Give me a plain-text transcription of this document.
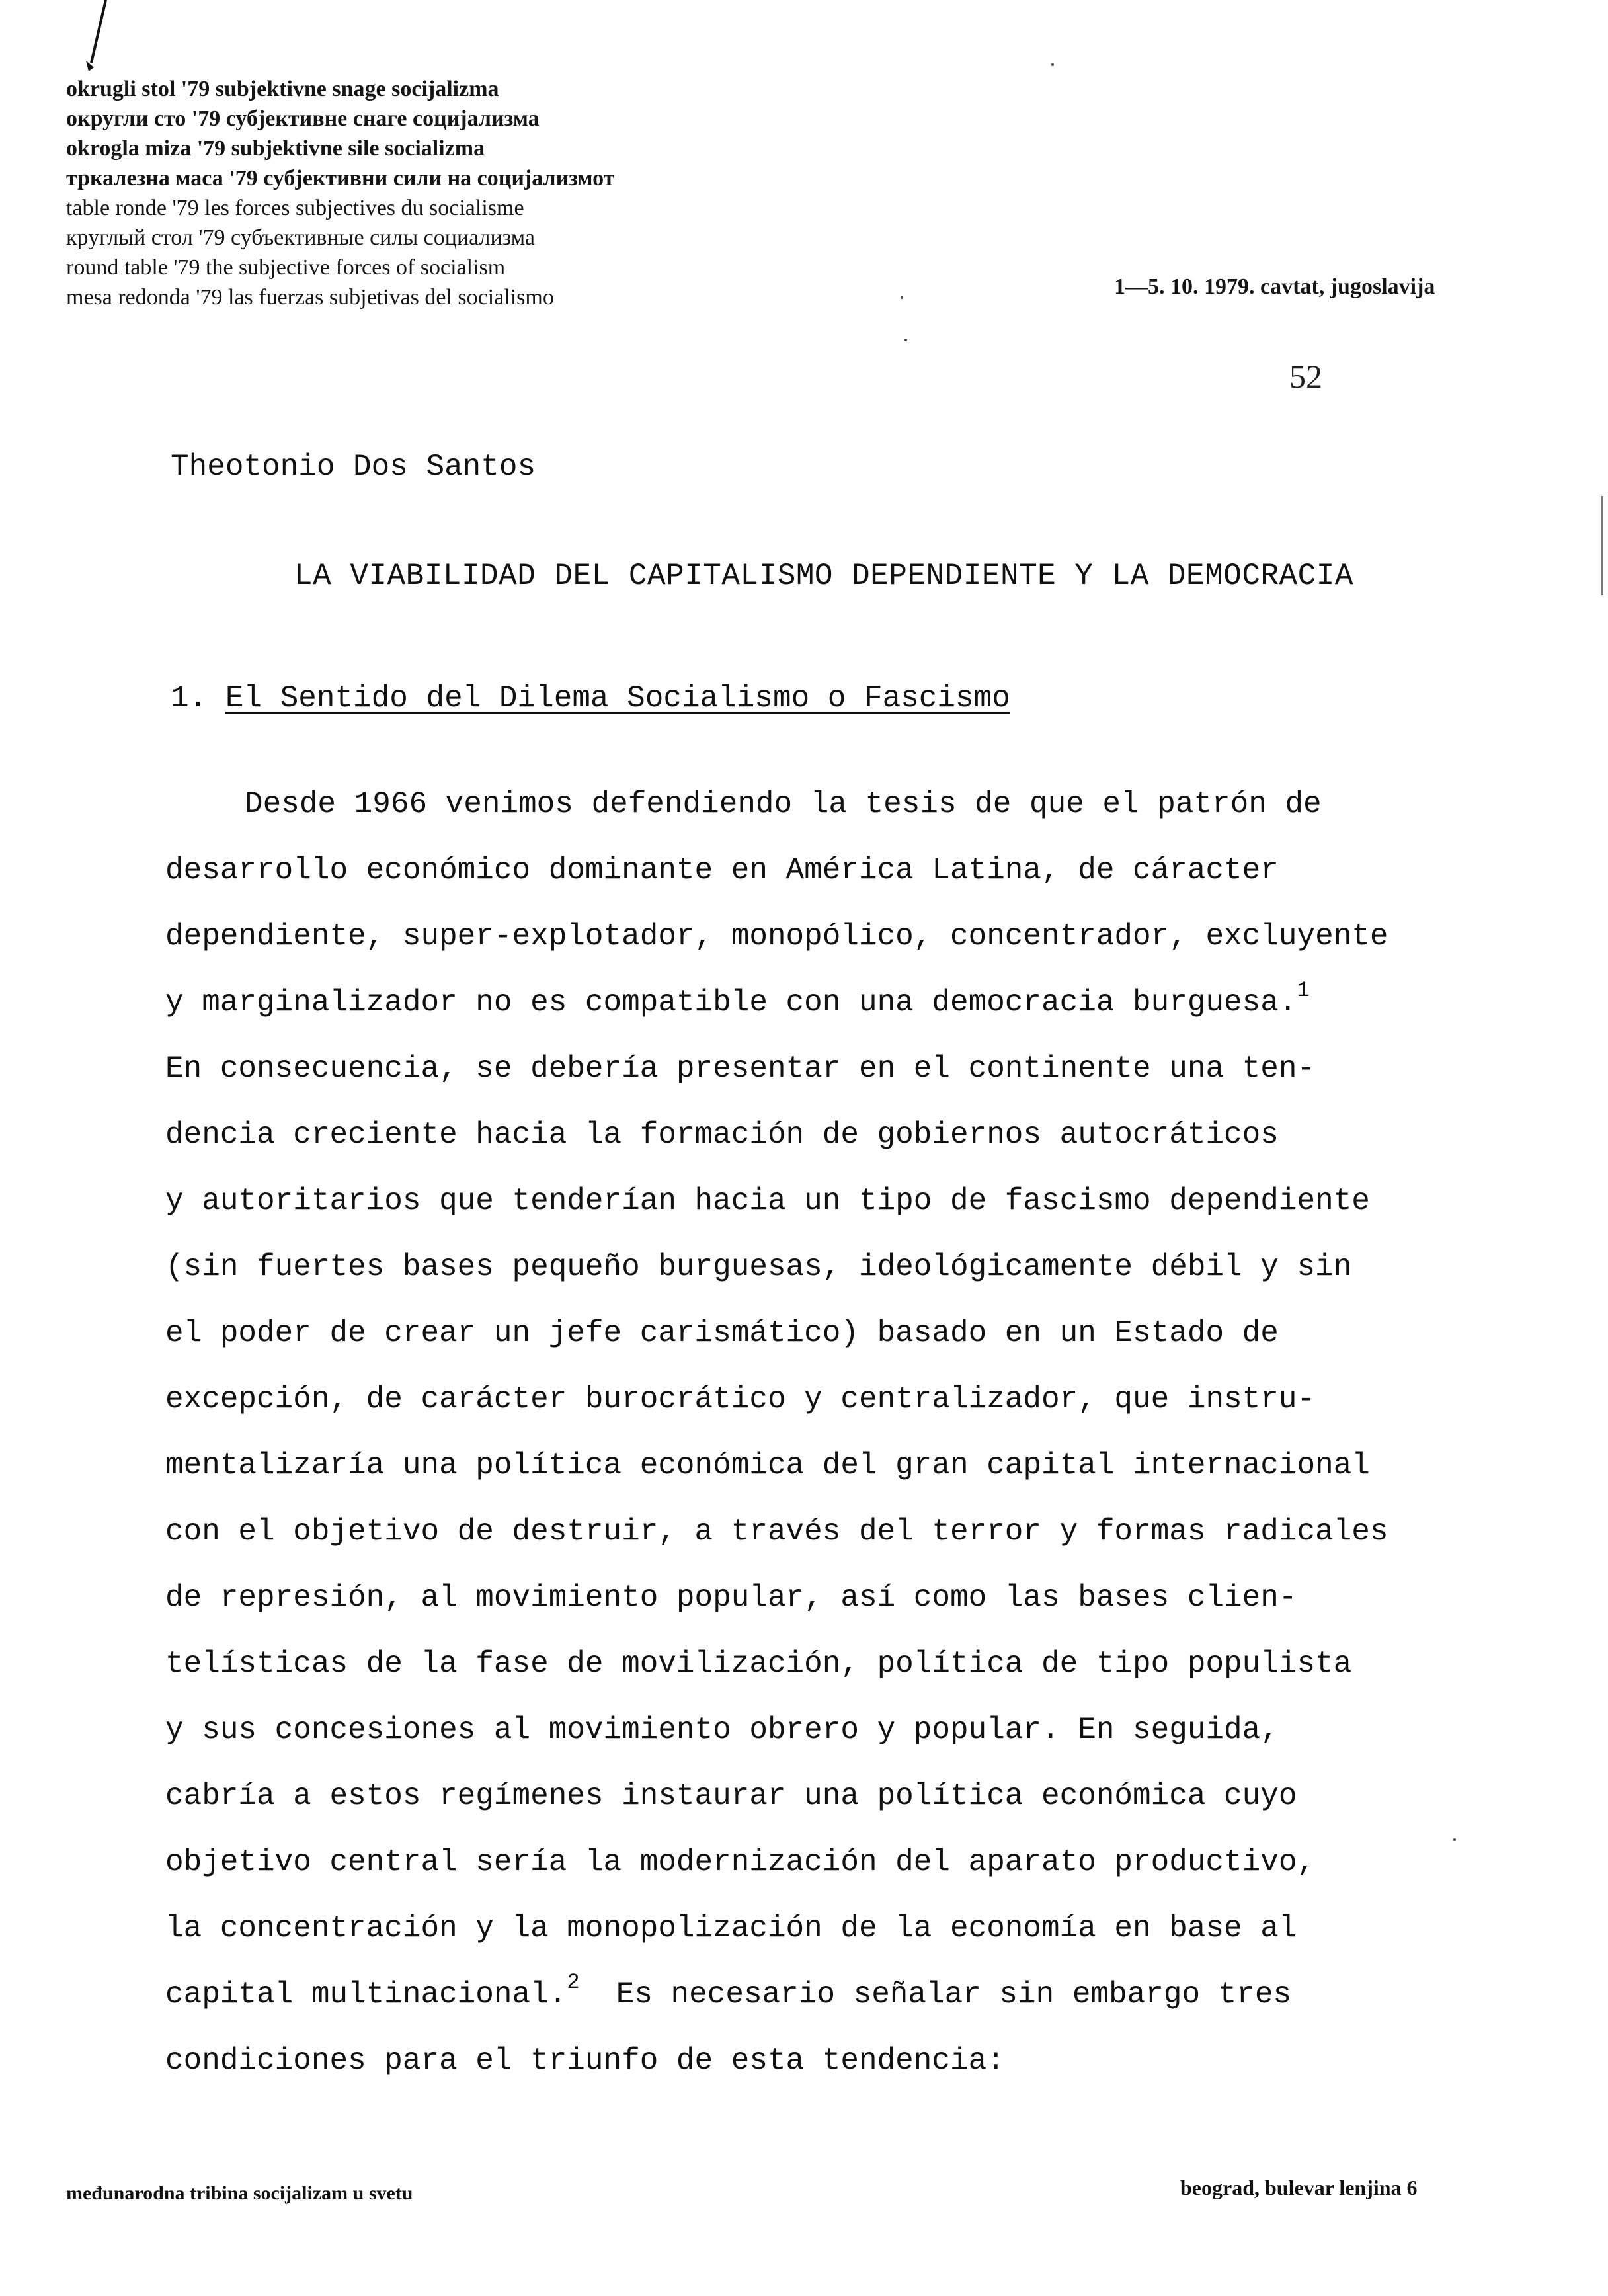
okrugli stol '79 subjektivne snage socijalizma
округли сто '79 субјективне снаге социјализма
okrogla miza '79 subjektivne sile socializma
тркалезна маса '79 субјективни сили на социјализмот
table ronde '79 les forces subjectives du socialisme
круглый стол '79 субъективные силы социализма
round table '79 the subjective forces of socialism
mesa redonda '79 las fuerzas subjetivas del socialismo	1—5. 10. 1979. cavtat, jugoslavija
52
Theotonio Dos Santos
LA VIABILIDAD DEL CAPITALISMO DEPENDIENTE Y LA DEMOCRACIA
1. El Sentido del Dilema Socialismo o Fascismo
Desde 1966 venimos defendiendo la tesis de que el patrón de
desarrollo económico dominante en América Latina, de cáracter
dependiente, super-explotador, monopólico, concentrador, excluyente
y marginalizador no es compatible con una democracia burguesa.$^1$
En consecuencia, se debería presentar en el continente una ten-
dencia creciente hacia la formación de gobiernos autocráticos
y autoritarios que tenderían hacia un tipo de fascismo dependiente
(sin fuertes bases pequeño burguesas, ideológicamente débil y sin
el poder de crear un jefe carismático) basado en un Estado de
excepción, de carácter burocrático y centralizador, que instru-
mentalizaría una política económica del gran capital internacional
con el objetivo de destruir, a través del terror y formas radicales
de represión, al movimiento popular, así como las bases clien-
telísticas de la fase de movilización, política de tipo populista
y sus concesiones al movimiento obrero y popular. En seguida,
cabría a estos regímenes instaurar una política económica cuyo
objetivo central sería la modernización del aparato productivo,
la concentración y la monopolización de la economía en base al
capital multinacional.$^2$ Es necesario señalar sin embargo tres
condiciones para el triunfo de esta tendencia:
međunarodna tribina socijalizam u svetu	beograd, bulevar lenjina 6
